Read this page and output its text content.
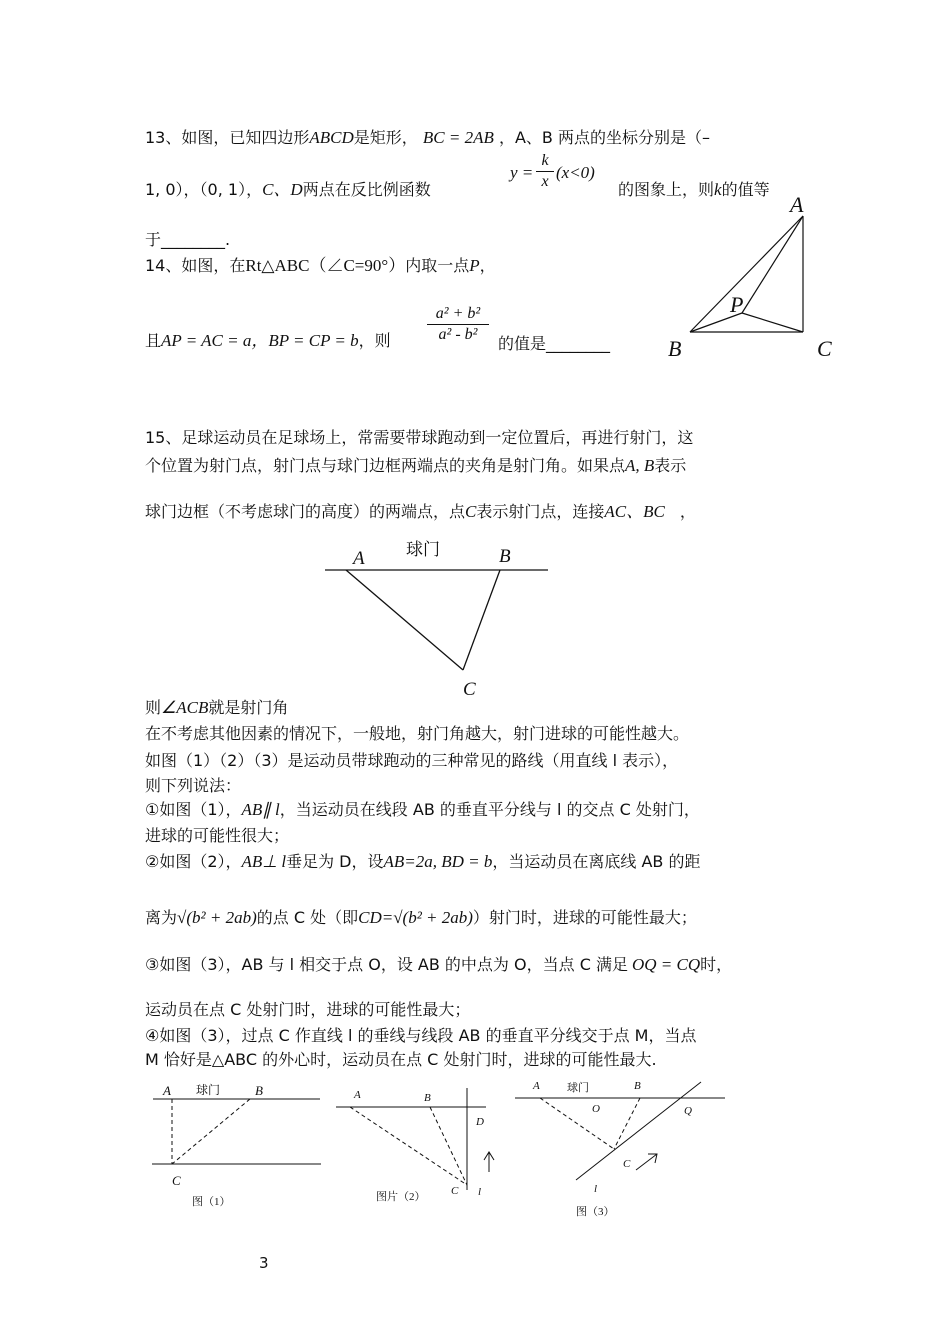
13、如图，已知四边形ABCD是矩形， BC = 2AB ，A、B 两点的坐标分别是（–
1, 0），（0, 1），C、D两点在反比例函数
y =
k
x (x<0)
的图象上，则k的值等
于________.
14、如图，在Rt△ABC（∠C=90°）内取一点P，
且AP = AC = a，BP = CP = b，则
a² + b²
a² - b²	的值是________
A
P
B	C
15、足球运动员在足球场上，常需要带球跑动到一定位置后，再进行射门，这
个位置为射门点，射门点与球门边框两端点的夹角是射门角。如果点A, B表示
球门边框（不考虑球门的高度）的两端点，点C表示射门点，连接AC、BC ，
球门
A	B
C
则∠ACB就是射门角
在不考虑其他因素的情况下，一般地，射门角越大，射门进球的可能性越大。
如图（1）（2）（3）是运动员带球跑动的三种常见的路线（用直线 l 表示），
则下列说法：
①如图（1），AB∥ l，当运动员在线段 AB 的垂直平分线与 l 的交点 C 处射门，
进球的可能性很大；
②如图（2），AB⊥ l垂足为 D，设AB=2a, BD = b，当运动员在离底线 AB 的距
离为√(b² + 2ab)的点 C 处（即CD=√(b² + 2ab)）射门时，进球的可能性最大；
③如图（3），AB 与 l 相交于点 O，设 AB 的中点为 O，当点 C 满足 OQ = CQ时，
运动员在点 C 处射门时，进球的可能性最大；
④如图（3），过点 C 作直线 l 的垂线与线段 AB 的垂直平分线交于点 M，当点
M 恰好是△ABC 的外心时，运动员在点 C 处射门时，进球的可能性最大.
A 球门	B
C
图（1）
A	B
D
C l
图片（2）
A 球门	B
O	Q
C
l
图（3）
3
